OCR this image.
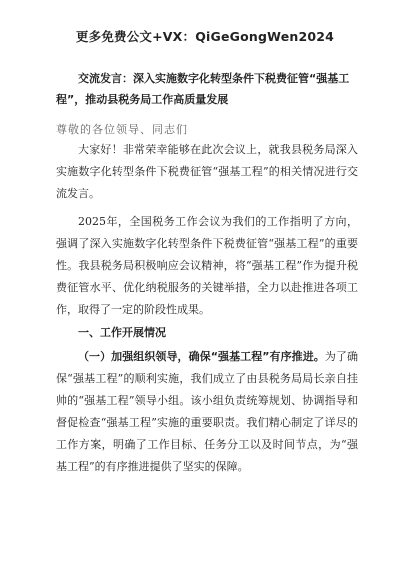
更多免费公文+VX：QiGeGongWen2024
交流发言：深入实施数字化转型条件下税费征管“强基工程”，推动县税务局工作高质量发展
尊敬的各位领导、同志们

大家好！非常荣幸能够在此次会议上，就我县税务局深入实施数字化转型条件下税费征管“强基工程”的相关情况进行交流发言。

2025年，全国税务工作会议为我们的工作指明了方向，强调了深入实施数字化转型条件下税费征管“强基工程”的重要性。我县税务局积极响应会议精神，将“强基工程”作为提升税费征管水平、优化纳税服务的关键举措，全力以赴推进各项工作，取得了一定的阶段性成果。

一、工作开展情况

（一）加强组织领导，确保“强基工程”有序推进。为了确保“强基工程”的顺利实施，我们成立了由县税务局局长亲自挂帅的“强基工程”领导小组。该小组负责统筹规划、协调指导和督促检查“强基工程”实施的重要职责。我们精心制定了详尽的工作方案，明确了工作目标、任务分工以及时间节点，为“强基工程”的有序推进提供了坚实的保障。
